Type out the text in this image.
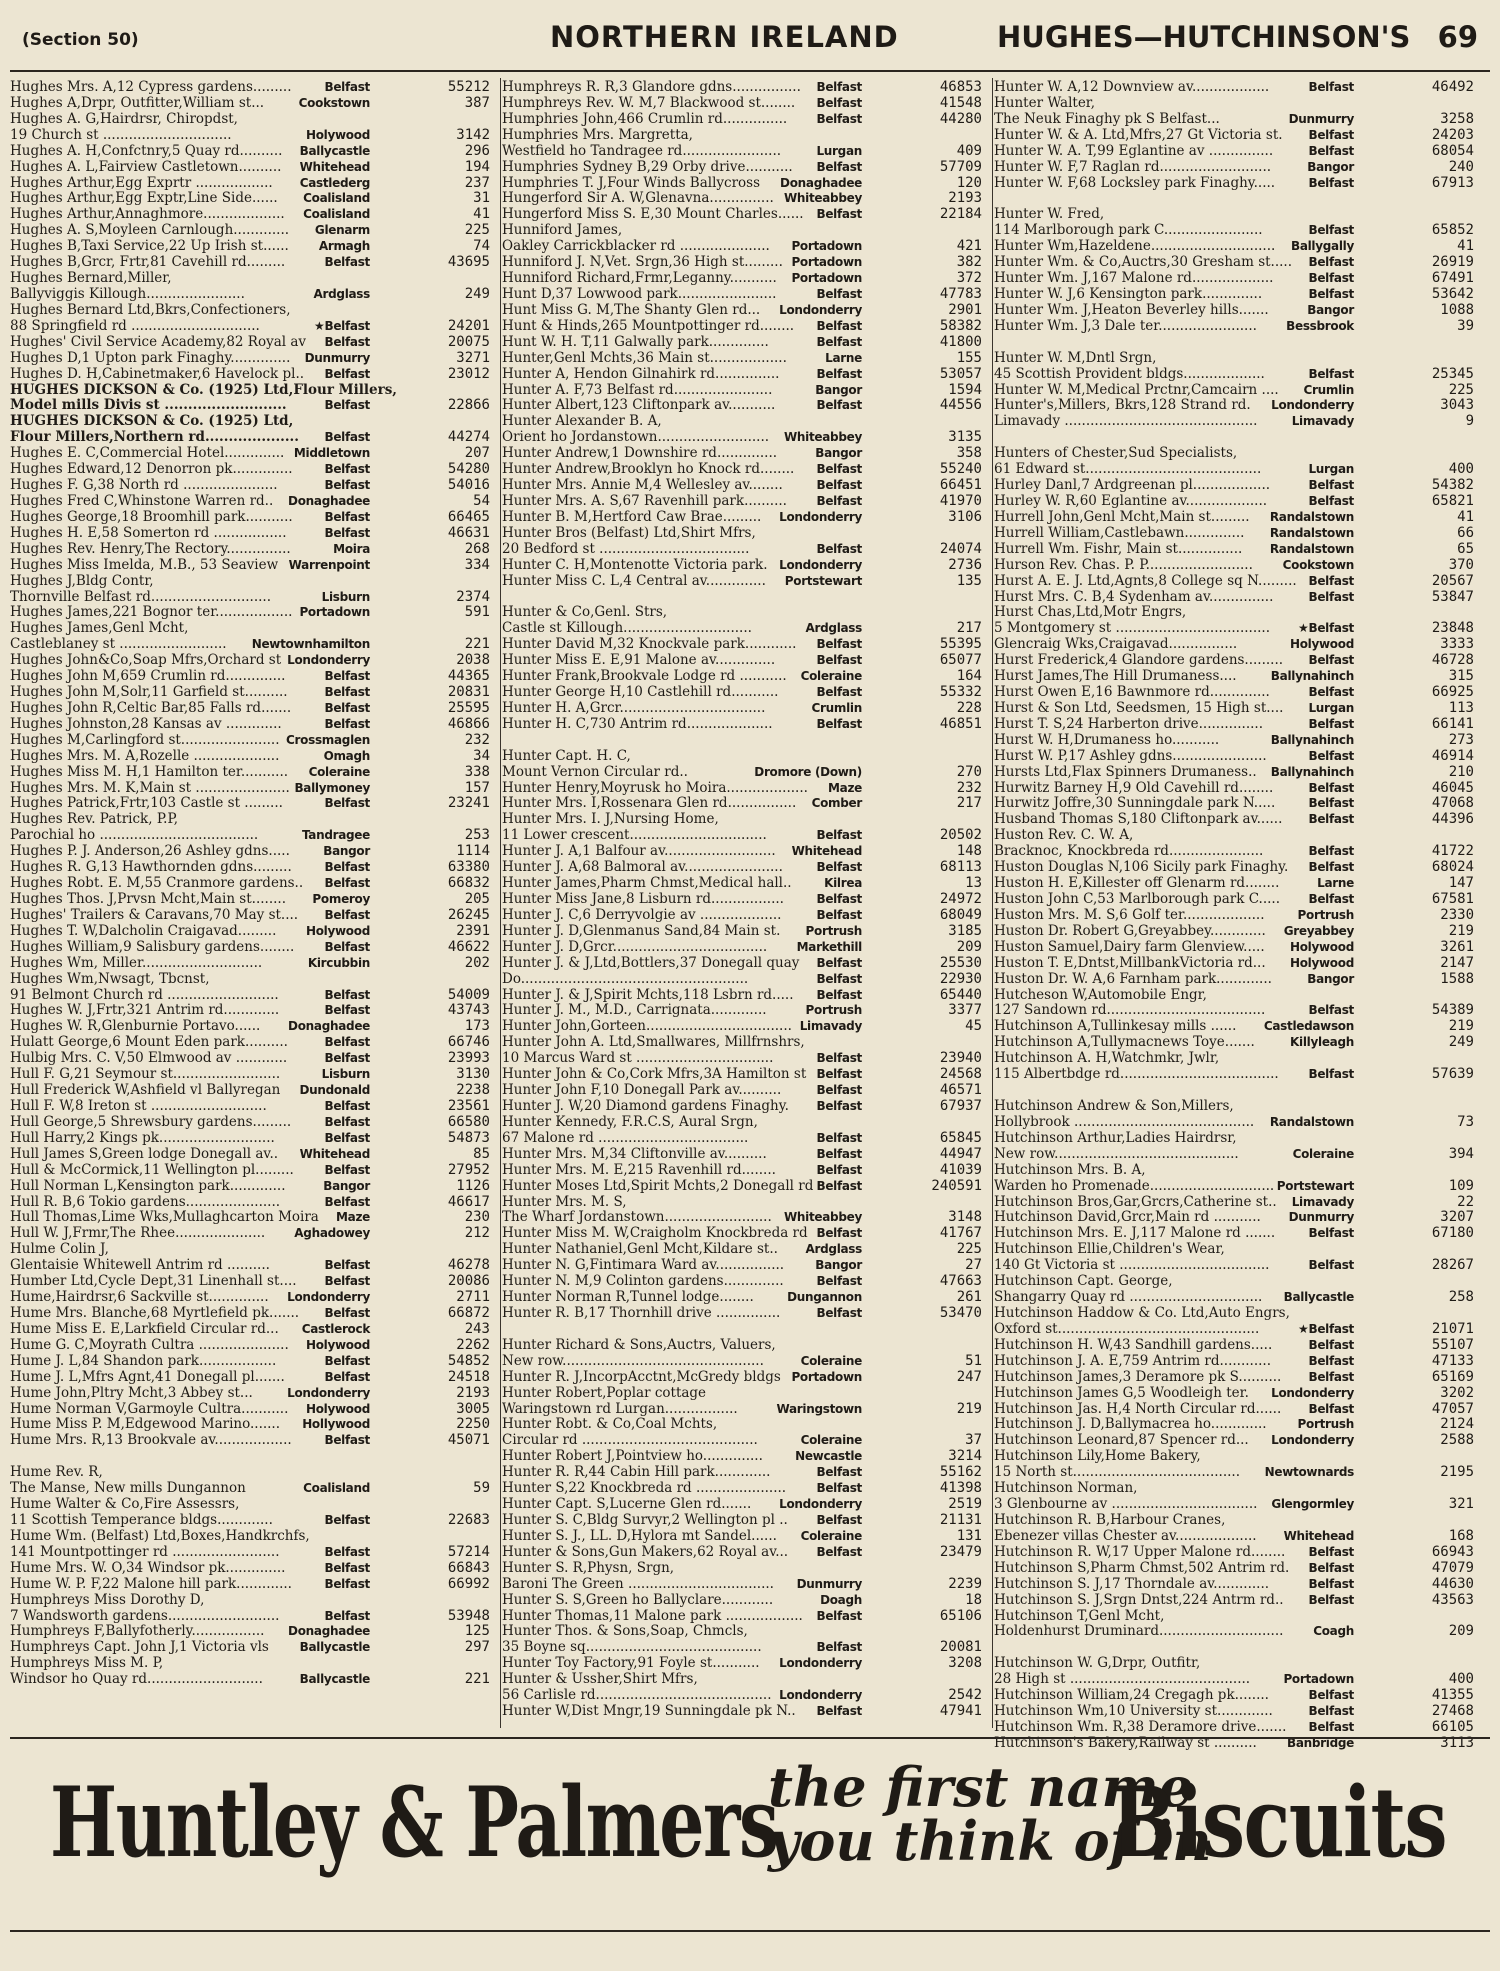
(Section 50)	NORTHERN IRELAND	HUGHES—HUTCHINSON'S 69
Hughes Mrs. A,12 Cypress gardens.........	Belfast	55212
Hughes A,Drpr, Outfitter,William st...	Cookstown	387
Hughes A. G,Hairdrsr, Chiropdst,
19 Church st ..............................	Holywood	3142
Hughes A. H,Confctnry,5 Quay rd.......... Ballycastle	296
Hughes A. L,Fairview Castletown.......... Whitehead	194
Hughes Arthur,Egg Exprtr .................. Castlederg	237
Hughes Arthur,Egg Exptr,Line Side...... Coalisland	31
Hughes Arthur,Annaghmore................... Coalisland	41
Hughes A. S,Moyleen Carnlough............. Glenarm	225
Hughes B,Taxi Service,22 Up Irish st......	Armagh	74
Hughes B,Grcr, Frtr,81 Cavehill rd.........	Belfast	43695
Hughes Bernard,Miller,
Ballyviggis Killough.......................	Ardglass	249
Hughes Bernard Ltd,Bkrs,Confectioners,
88 Springfield rd ..............................	★Belfast	24201
Hughes' Civil Service Academy,82 Royal av Belfast	20075
Hughes D,1 Upton park Finaghy.............. Dunmurry	3271
Hughes D. H,Cabinetmaker,6 Havelock pl.. Belfast	23012
HUGHES DICKSON & Co. (1925) Ltd,Flour Millers,
Model mills Divis st ..........................	Belfast	22866
HUGHES DICKSON & Co. (1925) Ltd,
Flour Millers,Northern rd.................... Belfast	44274
Hughes E. C,Commercial Hotel.............. Middletown	207
Hughes Edward,12 Denorron pk..............	Belfast	54280
Hughes F. G,38 North rd ......................	Belfast	54016
Hughes Fred C,Whinstone Warren rd.. Donaghadee	54
Hughes George,18 Broomhill park...........	Belfast	66465
Hughes H. E,58 Somerton rd .................	Belfast	46631
Hughes Rev. Henry,The Rectory...............	Moira	268
Hughes Miss Imelda, M.B., 53 Seaview Warrenpoint	334
Hughes J,Bldg Contr,
Thornville Belfast rd............................	Lisburn	2374
Hughes James,221 Bognor ter.................. Portadown	591
Hughes James,Genl Mcht,
Castleblaney st ......................... Newtownhamilton	221
Hughes John&Co,Soap Mfrs,Orchard st Londonderry	2038
Hughes John M,659 Crumlin rd..............	Belfast	44365
Hughes John M,Solr,11 Garfield st..........	Belfast	20831
Hughes John R,Celtic Bar,85 Falls rd.......	Belfast	25595
Hughes Johnston,28 Kansas av .............	Belfast	46866
Hughes M,Carlingford st....................... Crossmaglen	232
Hughes Mrs. M. A,Rozelle ....................	Omagh	34
Hughes Miss M. H,1 Hamilton ter........... Coleraine	338
Hughes Mrs. M. K,Main st ...................... Ballymoney	157
Hughes Patrick,Frtr,103 Castle st .........	Belfast	23241
Hughes Rev. Patrick, P.P,
Parochial ho .....................................	Tandragee	253
Hughes P. J. Anderson,26 Ashley gdns.....	Bangor	1114
Hughes R. G,13 Hawthornden gdns.........	Belfast	63380
Hughes Robt. E. M,55 Cranmore gardens.. Belfast	66832
Hughes Thos. J,Prvsn Mcht,Main st........ Pomeroy	205
Hughes' Trailers & Caravans,70 May st.... Belfast	26245
Hughes T. W,Dalcholin Craigavad......... Holywood	2391
Hughes William,9 Salisbury gardens........	Belfast	46622
Hughes Wm, Miller............................	Kircubbin	202
Hughes Wm,Nwsagt, Tbcnst,
91 Belmont Church rd ..........................	Belfast	54009
Hughes W. J,Frtr,321 Antrim rd.............	Belfast	43743
Hughes W. R,Glenburnie Portavo...... Donaghadee	173
Hulatt George,6 Mount Eden park..........	Belfast	66746
Hulbig Mrs. C. V,50 Elmwood av ............	Belfast	23993
Hull F. G,21 Seymour st.........................	Lisburn	3130
Hull Frederick W,Ashfield vl Ballyregan Dundonald	2238
Hull F. W,8 Ireton st ...........................	Belfast	23561
Hull George,5 Shrewsbury gardens.........	Belfast	66580
Hull Harry,2 Kings pk...........................	Belfast	54873
Hull James S,Green lodge Donegall av.. Whitehead	85
Hull & McCormick,11 Wellington pl.........	Belfast	27952
Hull Norman L,Kensington park.............	Bangor	1126
Hull R. B,6 Tokio gardens......................	Belfast	46617
Hull Thomas,Lime Wks,Mullaghcarton Moira Maze	230
Hull W. J,Frmr,The Rhee..................... Aghadowey	212
Hulme Colin J,
Glentaisie Whitewell Antrim rd ..........	Belfast	46278
Humber Ltd,Cycle Dept,31 Linenhall st.... Belfast	20086
Hume,Hairdrsr,6 Sackville st.............. Londonderry	2711
Hume Mrs. Blanche,68 Myrtlefield pk....... Belfast	66872
Hume Miss E. E,Larkfield Circular rd... Castlerock	243
Hume G. C,Moyrath Cultra ..................... Holywood	2262
Hume J. L,84 Shandon park..................	Belfast	54852
Hume J. L,Mfrs Agnt,41 Donegall pl.......	Belfast	24518
Hume John,Pltry Mcht,3 Abbey st...	Londonderry	2193
Hume Norman V,Garmoyle Cultra........... Holywood	3005
Hume Miss P. M,Edgewood Marino....... Hollywood	2250
Hume Mrs. R,13 Brookvale av..................	Belfast	45071
Hume Rev. R,
The Manse, New mills Dungannon	Coalisland	59
Hume Walter & Co,Fire Assessrs,
11 Scottish Temperance bldgs.............	Belfast	22683
Hume Wm. (Belfast) Ltd,Boxes,Handkrchfs,
141 Mountpottinger rd .........................	Belfast	57214
Hume Mrs. W. O,34 Windsor pk..............	Belfast	66843
Hume W. P. F,22 Malone hill park.............	Belfast	66992
Humphreys Miss Dorothy D,
7 Wandsworth gardens..........................	Belfast	53948
Humphreys F,Ballyfotherly................. Donaghadee	125
Humphreys Capt. John J,1 Victoria vls	Ballycastle	297
Humphreys Miss M. P,
Windsor ho Quay rd...........................	Ballycastle	221
Humphreys R. R,3 Glandore gdns................ Belfast	46853
Humphreys Rev. W. M,7 Blackwood st........ Belfast	41548
Humphries John,466 Crumlin rd............... Belfast	44280
Humphries Mrs. Margretta,
Westfield ho Tandragee rd.......................	Lurgan	409
Humphries Sydney B,29 Orby drive........... Belfast	57709
Humphries T. J,Four Winds Ballycross Donaghadee	120
Hungerford Sir A. W,Glenavna............... Whiteabbey	2193
Hungerford Miss S. E,30 Mount Charles...... Belfast	22184
Hunniford James,
Oakley Carrickblacker rd ..................... Portadown	421
Hunniford J. N,Vet. Srgn,36 High st......... Portadown	382
Hunniford Richard,Frmr,Leganny........... Portadown	372
Hunt D,37 Lowwood park.......................	Belfast	47783
Hunt Miss G. M,The Shanty Glen rd... Londonderry	2901
Hunt & Hinds,265 Mountpottinger rd........ Belfast	58382
Hunt W. H. T,11 Galwally park..............	Belfast	41800
Hunter,Genl Mchts,36 Main st..................	Larne	155
Hunter A, Hendon Gilnahirk rd...............	Belfast	53057
Hunter A. F,73 Belfast rd.......................	Bangor	1594
Hunter Albert,123 Cliftonpark av...........	Belfast	44556
Hunter Alexander B. A,
Orient ho Jordanstown.......................... Whiteabbey	3135
Hunter Andrew,1 Downshire rd..............	Bangor	358
Hunter Andrew,Brooklyn ho Knock rd........ Belfast	55240
Hunter Mrs. Annie M,4 Wellesley av........	Belfast	66451
Hunter Mrs. A. S,67 Ravenhill park.......... Belfast	41970
Hunter B. M,Hertford Caw Brae......... Londonderry	3106
Hunter Bros (Belfast) Ltd,Shirt Mfrs,
20 Bedford st ...................................	Belfast	24074
Hunter C. H,Montenotte Victoria park. Londonderry	2736
Hunter Miss C. L,4 Central av.............. Portstewart	135
Hunter & Co,Genl. Strs,
Castle st Killough..............................	Ardglass	217
Hunter David M,32 Knockvale park............ Belfast	55395
Hunter Miss E. E,91 Malone av..............	Belfast	65077
Hunter Frank,Brookvale Lodge rd ........... Coleraine	164
Hunter George H,10 Castlehill rd...........	Belfast	55332
Hunter H. A,Grcr..................................	Crumlin	228
Hunter H. C,730 Antrim rd....................	Belfast	46851
Hunter Capt. H. C,
Mount Vernon Circular rd..	Dromore (Down)	270
Hunter Henry,Moyrusk ho Moira................... Maze	232
Hunter Mrs. I,Rossenara Glen rd................ Comber	217
Hunter Mrs. I. J,Nursing Home,
11 Lower crescent................................	Belfast	20502
Hunter J. A,1 Balfour av.......................... Whitehead	148
Hunter J. A,68 Balmoral av.......................	Belfast	68113
Hunter James,Pharm Chmst,Medical hall..	Kilrea	13
Hunter Miss Jane,8 Lisburn rd.................	Belfast	24972
Hunter J. C,6 Derryvolgie av ...................	Belfast	68049
Hunter J. D,Glenmanus Sand,84 Main st. Portrush	3185
Hunter J. D,Grcr.................................... Markethill	209
Hunter J. & J,Ltd,Bottlers,37 Donegall quay Belfast	25530
Do.....................................................	Belfast	22930
Hunter J. & J,Spirit Mchts,118 Lsbrn rd..... Belfast	65440
Hunter J. M., M.D., Carrignata.............	Portrush	3377
Hunter John,Gorteen.................................. Limavady	45
Hunter John A. Ltd,Smallwares, Millfrnshrs,
10 Marcus Ward st ................................	Belfast	23940
Hunter John & Co,Cork Mfrs,3A Hamilton st Belfast	24568
Hunter John F,10 Donegall Park av..........	Belfast	46571
Hunter J. W,20 Diamond gardens Finaghy. Belfast	67937
Hunter Kennedy, F.R.C.S, Aural Srgn,
67 Malone rd ...................................	Belfast	65845
Hunter Mrs. M,34 Cliftonville av..........	Belfast	44947
Hunter Mrs. M. E,215 Ravenhill rd........	Belfast	41039
Hunter Moses Ltd,Spirit Mchts,2 Donegall rd Belfast	240591
Hunter Mrs. M. S,
The Wharf Jordanstown......................... Whiteabbey	3148
Hunter Miss M. W,Craigholm Knockbreda rd Belfast	41767
Hunter Nathaniel,Genl Mcht,Kildare st.. Ardglass	225
Hunter N. G,Fintimara Ward av................	Bangor	27
Hunter N. M,9 Colinton gardens..............	Belfast	47663
Hunter Norman R,Tunnel lodge........	Dungannon	261
Hunter R. B,17 Thornhill drive ...............	Belfast	53470
Hunter Richard & Sons,Auctrs, Valuers,
New row...............................................	Coleraine	51
Hunter R. J,IncorpAcctnt,McGredy bldgs Portadown	247
Hunter Robert,Poplar cottage
Waringstown rd Lurgan.................	Waringstown	219
Hunter Robt. & Co,Coal Mchts,
Circular rd .........................................	Coleraine	37
Hunter Robert J,Pointview ho..............	Newcastle	3214
Hunter R. R,44 Cabin Hill park.............	Belfast	55162
Hunter S,22 Knockbreda rd .....................	Belfast	41398
Hunter Capt. S,Lucerne Glen rd....... Londonderry	2519
Hunter S. C,Bldg Survyr,2 Wellington pl .. Belfast	21131
Hunter S. J., LL. D,Hylora mt Sandel...... Coleraine	131
Hunter & Sons,Gun Makers,62 Royal av... Belfast	23479
Hunter S. R,Physn, Srgn,
Baroni The Green .................................. Dunmurry	2239
Hunter S. S,Green ho Ballyclare............	Doagh	18
Hunter Thomas,11 Malone park .................. Belfast	65106
Hunter Thos. & Sons,Soap, Chmcls,
35 Boyne sq.........................................	Belfast	20081
Hunter Toy Factory,91 Foyle st........... Londonderry	3208
Hunter & Ussher,Shirt Mfrs,
56 Carlisle rd......................................... Londonderry	2542
Hunter W,Dist Mngr,19 Sunningdale pk N.. Belfast	47941
Hunter W. A,12 Downview av..................	Belfast	46492
Hunter Walter,
The Neuk Finaghy pk S Belfast...	Dunmurry	3258
Hunter W. & A. Ltd,Mfrs,27 Gt Victoria st. Belfast	24203
Hunter W. A. T,99 Eglantine av ...............	Belfast	68054
Hunter W. F,7 Raglan rd..........................	Bangor	240
Hunter W. F,68 Locksley park Finaghy.....	Belfast	67913
Hunter W. Fred,
114 Marlborough park C.......................	Belfast	65852
Hunter Wm,Hazeldene............................. Ballygally	41
Hunter Wm. & Co,Auctrs,30 Gresham st..... Belfast	26919
Hunter Wm. J,167 Malone rd...................	Belfast	67491
Hunter W. J,6 Kensington park..............	Belfast	53642
Hunter Wm. J,Heaton Beverley hills.......	Bangor	1088
Hunter Wm. J,3 Dale ter....................... Bessbrook	39
Hunter W. M,Dntl Srgn,
45 Scottish Provident bldgs...................	Belfast	25345
Hunter W. M,Medical Prctnr,Camcairn .... Crumlin	225
Hunter's,Millers, Bkrs,128 Strand rd. Londonderry	3043
Limavady .............................................	Limavady	9
Hunters of Chester,Sud Specialists,
61 Edward st.........................................	Lurgan	400
Hurley Danl,7 Ardgreenan pl..................	Belfast	54382
Hurley W. R,60 Eglantine av...................	Belfast	65821
Hurrell John,Genl Mcht,Main st......... Randalstown	41
Hurrell William,Castlebawn.............. Randalstown	66
Hurrell Wm. Fishr, Main st............... Randalstown	65
Hurson Rev. Chas. P. P......................... Cookstown	370
Hurst A. E. J. Ltd,Agnts,8 College sq N......... Belfast	20567
Hurst Mrs. C. B,4 Sydenham av...............	Belfast	53847
Hurst Chas,Ltd,Motr Engrs,
5 Montgomery st .................................... ★Belfast	23848
Glencraig Wks,Craigavad................	Holywood	3333
Hurst Frederick,4 Glandore gardens......... Belfast	46728
Hurst James,The Hill Drumaness....	Ballynahinch	315
Hurst Owen E,16 Bawnmore rd..............	Belfast	66925
Hurst & Son Ltd, Seedsmen, 15 High st.... Lurgan	113
Hurst T. S,24 Harberton drive...............	Belfast	66141
Hurst W. H,Drumaness ho...........	Ballynahinch	273
Hurst W. P,17 Ashley gdns......................	Belfast	46914
Hursts Ltd,Flax Spinners Drumaness.. Ballynahinch	210
Hurwitz Barney H,9 Old Cavehill rd........	Belfast	46045
Hurwitz Joffre,30 Sunningdale park N.....	Belfast	47068
Husband Thomas S,180 Cliftonpark av...... Belfast	44396
Huston Rev. C. W. A,
Bracknoc, Knockbreda rd......................	Belfast	41722
Huston Douglas N,106 Sicily park Finaghy. Belfast	68024
Huston H. E,Killester off Glenarm rd........	Larne	147
Huston John C,53 Marlborough park C..... Belfast	67581
Huston Mrs. M. S,6 Golf ter...................	Portrush	2330
Huston Dr. Robert G,Greyabbey............. Greyabbey	219
Huston Samuel,Dairy farm Glenview..... Holywood	3261
Huston T. E,Dntst,MillbankVictoria rd... Holywood	2147
Huston Dr. W. A,6 Farnham park.............	Bangor	1588
Hutcheson W,Automobile Engr,
127 Sandown rd.....................................	Belfast	54389
Hutchinson A,Tullinkesay mills ...... Castledawson	219
Hutchinson A,Tullymacnews Toye.......	Killyleagh	249
Hutchinson A. H,Watchmkr, Jwlr,
115 Albertbdge rd..................................... Belfast	57639
Hutchinson Andrew & Son,Millers,
Hollybrook .......................................... Randalstown	73
Hutchinson Arthur,Ladies Hairdrsr,
New row...........................................	Coleraine	394
Hutchinson Mrs. B. A,
Warden ho Promenade............................. Portstewart	109
Hutchinson Bros,Gar,Grcrs,Catherine st.. Limavady	22
Hutchinson David,Grcr,Main rd ........... Dunmurry	3207
Hutchinson Mrs. E. J,117 Malone rd .......	Belfast	67180
Hutchinson Ellie,Children's Wear,
140 Gt Victoria st ...................................	Belfast	28267
Hutchinson Capt. George,
Shangarry Quay rd ............................... Ballycastle	258
Hutchinson Haddow & Co. Ltd,Auto Engrs,
Oxford st...............................................	★Belfast	21071
Hutchinson H. W,43 Sandhill gardens.....	Belfast	55107
Hutchinson J. A. E,759 Antrim rd............	Belfast	47133
Hutchinson James,3 Deramore pk S.......... Belfast	65169
Hutchinson James G,5 Woodleigh ter. Londonderry	3202
Hutchinson Jas. H,4 North Circular rd...... Belfast	47057
Hutchinson J. D,Ballymacrea ho.............	Portrush	2124
Hutchinson Leonard,87 Spencer rd... Londonderry	2588
Hutchinson Lily,Home Bakery,
15 North st....................................... Newtownards	2195
Hutchinson Norman,
3 Glenbourne av .................................. Glengormley	321
Hutchinson R. B,Harbour Cranes,
Ebenezer villas Chester av................... Whitehead	168
Hutchinson R. W,17 Upper Malone rd........ Belfast	66943
Hutchinson S,Pharm Chmst,502 Antrim rd. Belfast	47079
Hutchinson S. J,17 Thorndale av.............	Belfast	44630
Hutchinson S. J,Srgn Dntst,224 Antrm rd.. Belfast	43563
Hutchinson T,Genl Mcht,
Holdenhurst Druminard............................. Coagh	209
Hutchinson W. G,Drpr, Outfitr,
28 High st ..........................................	Portadown	400
Hutchinson William,24 Cregagh pk........	Belfast	41355
Hutchinson Wm,10 University st.............	Belfast	27468
Hutchinson Wm. R,38 Deramore drive....... Belfast	66105
Hutchinson's Bakery,Railway st ..........	Banbridge	3113
Huntley & Palmers
the first name
you think of in
Biscuits
